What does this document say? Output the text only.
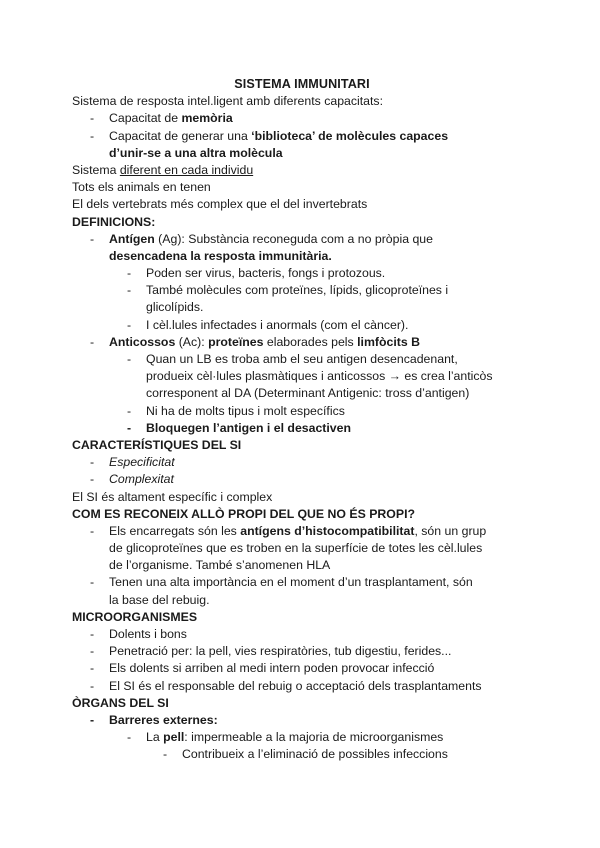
SISTEMA IMMUNITARI
Sistema de resposta intel.ligent amb diferents capacitats:
- Capacitat de memòria
- Capacitat de generar una ‘biblioteca’ de molècules capaces
d’unir-se a una altra molècula
Sistema diferent en cada individu
Tots els animals en tenen
El dels vertebrats més complex que el del invertebrats
DEFINICIONS:
- Antígen (Ag): Substància reconeguda com a no pròpia que
desencadena la resposta immunitària.
- Poden ser virus, bacteris, fongs i protozous.
- També molècules com proteïnes, lípids, glicoproteïnes i
glicolípids.
- I cèl.lules infectades i anormals (com el càncer).
- Anticossos (Ac): proteïnes elaborades pels limfòcits B
- Quan un LB es troba amb el seu antigen desencadenant,
produeix cèl·lules plasmàtiques i anticossos → es crea l’anticòs
corresponent al DA (Determinant Antigenic: tross d’antigen)
- Ni ha de molts tipus i molt específics
- Bloquegen l’antigen i el desactiven
CARACTERÍSTIQUES DEL SI
- Especificitat
- Complexitat
El SI és altament específic i complex
COM ES RECONEIX ALLÒ PROPI DEL QUE NO ÉS PROPI?
- Els encarregats són les antígens d’histocompatibilitat, són un grup
de glicoproteïnes que es troben en la superfície de totes les cèl.lules
de l’organisme. També s’anomenen HLA
- Tenen una alta importància en el moment d’un trasplantament, són
la base del rebuig.
MICROORGANISMES
- Dolents i bons
- Penetració per: la pell, vies respiratòries, tub digestiu, ferides...
- Els dolents si arriben al medi intern poden provocar infecció
- El SI és el responsable del rebuig o acceptació dels trasplantaments
ÒRGANS DEL SI
- Barreres externes:
- La pell: impermeable a la majoria de microorganismes
- Contribueix a l’eliminació de possibles infeccions
